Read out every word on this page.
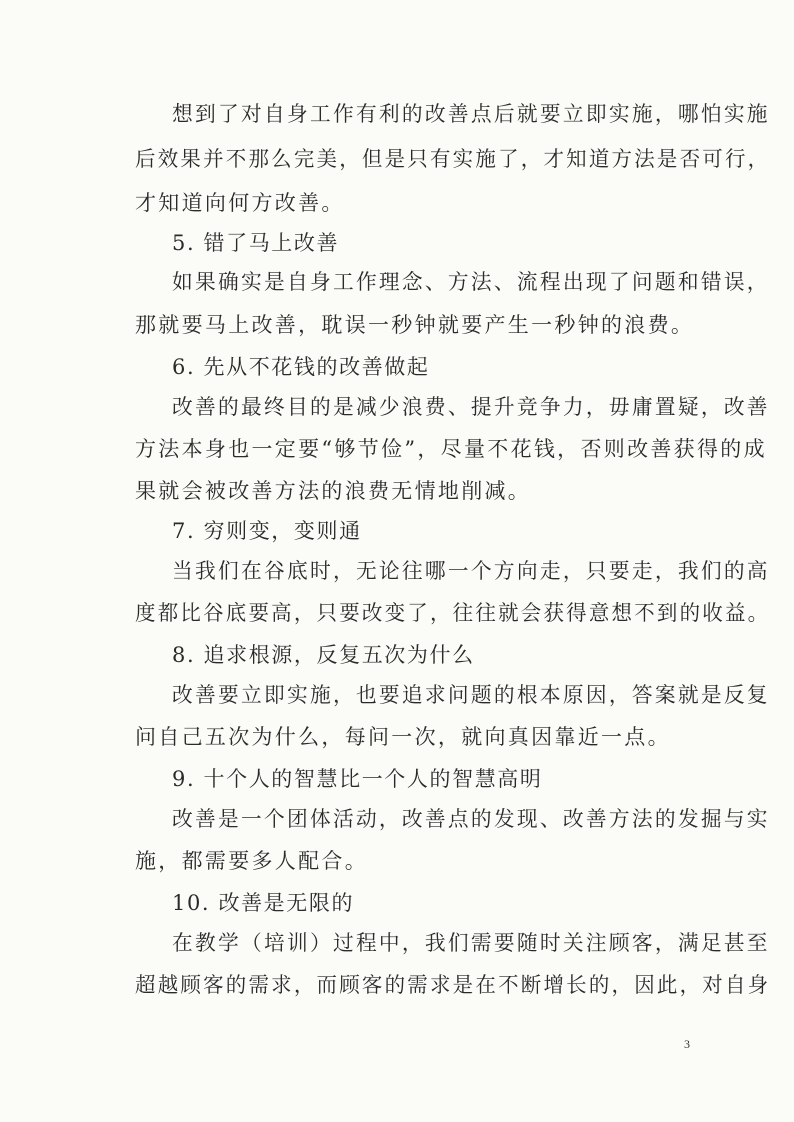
想到了对自身工作有利的改善点后就要立即实施，哪怕实施
后效果并不那么完美，但是只有实施了，才知道方法是否可行，
才知道向何方改善。
5. 错了马上改善
如果确实是自身工作理念、方法、流程出现了问题和错误，
那就要马上改善，耽误一秒钟就要产生一秒钟的浪费。
6. 先从不花钱的改善做起
改善的最终目的是减少浪费、提升竞争力，毋庸置疑，改善
方法本身也一定要“够节俭”，尽量不花钱，否则改善获得的成
果就会被改善方法的浪费无情地削减。
7. 穷则变，变则通
当我们在谷底时，无论往哪一个方向走，只要走，我们的高
度都比谷底要高，只要改变了，往往就会获得意想不到的收益。
8. 追求根源，反复五次为什么
改善要立即实施，也要追求问题的根本原因，答案就是反复
问自己五次为什么，每问一次，就向真因靠近一点。
9. 十个人的智慧比一个人的智慧高明
改善是一个团体活动，改善点的发现、改善方法的发掘与实
施，都需要多人配合。
10. 改善是无限的
在教学（培训）过程中，我们需要随时关注顾客，满足甚至
超越顾客的需求，而顾客的需求是在不断增长的，因此，对自身
3
